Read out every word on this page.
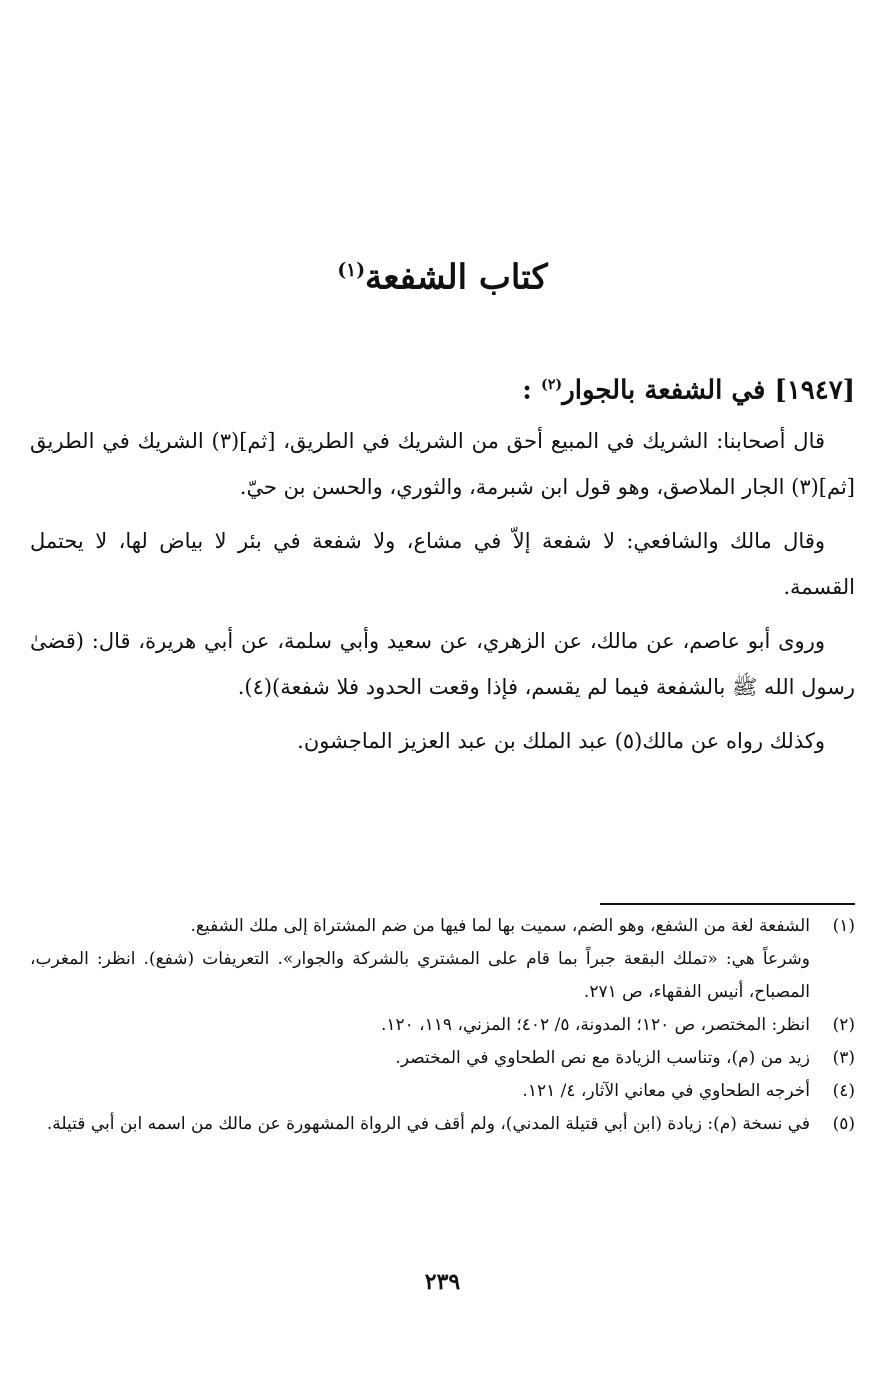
كتاب الشفعة$^{(١)}$
[١٩٤٧] في الشفعة بالجوار$^{(٢)}$ :

قال أصحابنا: الشريك في المبيع أحق من الشريك في الطريق، [ثم](٣) الشريك في الطريق [ثم](٣) الجار الملاصق، وهو قول ابن شبرمة، والثوري، والحسن بن حيّ.

وقال مالك والشافعي: لا شفعة إلاّ في مشاع، ولا شفعة في بئر لا بياض لها، لا يحتمل القسمة.

وروى أبو عاصم، عن مالك، عن الزهري، عن سعيد وأبي سلمة، عن أبي هريرة، قال: (قضىٰ رسول الله ﷺ بالشفعة فيما لم يقسم، فإذا وقعت الحدود فلا شفعة)(٤).

وكذلك رواه عن مالك(٥) عبد الملك بن عبد العزيز الماجشون.

(١)
الشفعة لغة من الشفع، وهو الضم، سميت بها لما فيها من ضم المشتراة إلى ملك الشفيع.
وشرعاً هي: «تملك البقعة جبراً بما قام على المشتري بالشركة والجوار». التعريفات (شفع). انظر: المغرب، المصباح، أنيس الفقهاء، ص ٢٧١.
(٢)
انظر: المختصر، ص ١٢٠؛ المدونة، ٥/ ٤٠٢؛ المزني، ١١٩، ١٢٠.
(٣)
زيد من (م)، وتناسب الزيادة مع نص الطحاوي في المختصر.
(٤)
أخرجه الطحاوي في معاني الآثار، ٤/ ١٢١.
(٥)
في نسخة (م): زيادة (ابن أبي قتيلة المدني)، ولم أقف في الرواة المشهورة عن مالك من اسمه ابن أبي قتيلة.
٢٣٩
